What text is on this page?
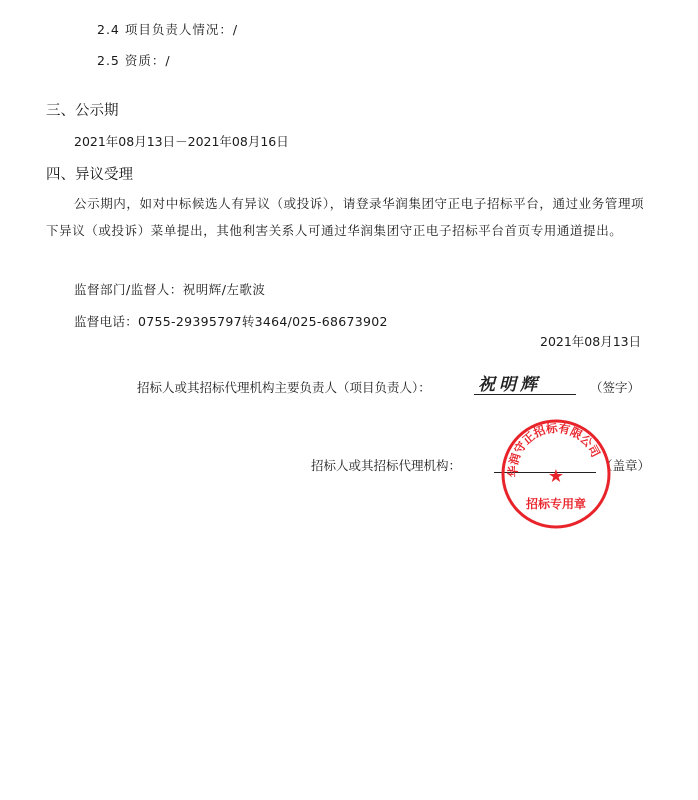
2.4 项目负责人情况：/
2.5 资质：/
三、公示期
2021年08月13日－2021年08月16日
四、异议受理
公示期内，如对中标候选人有异议（或投诉），请登录华润集团守正电子招标平台，通过业务管理项下异议（或投诉）菜单提出，其他利害关系人可通过华润集团守正电子招标平台首页专用通道提出。
监督部门/监督人：祝明辉/左歌波
监督电话：0755-29395797转3464/025-68673902
2021年08月13日
招标人或其招标代理机构主要负责人（项目负责人）：	祝明辉	（签字）
招标人或其招标代理机构：	（盖章）
华润守正招标有限公司
★
招标专用章
